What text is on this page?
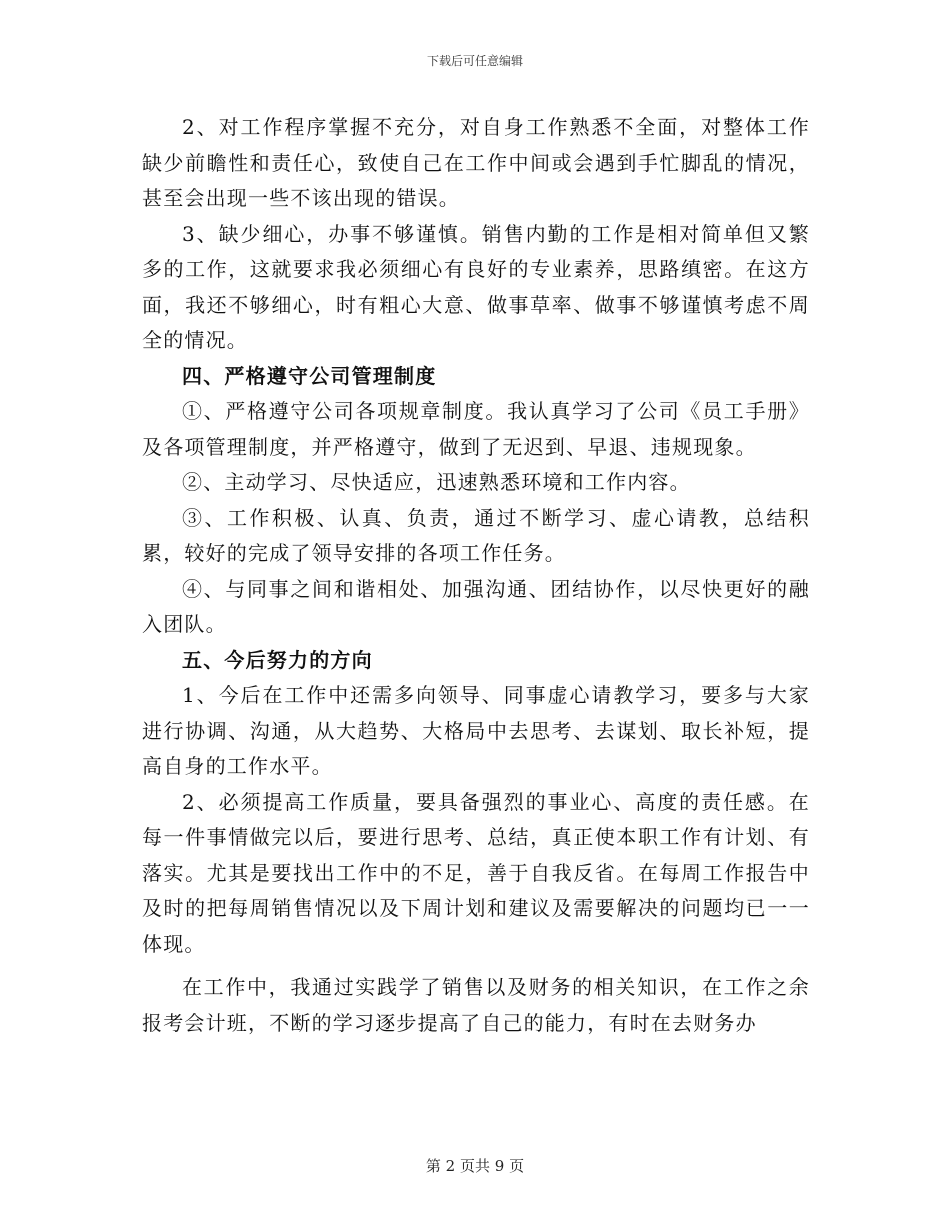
下载后可任意编辑

2、对工作程序掌握不充分，对自身工作熟悉不全面，对整体工作缺少前瞻性和责任心，致使自己在工作中间或会遇到手忙脚乱的情况，甚至会出现一些不该出现的错误。

3、缺少细心，办事不够谨慎。销售内勤的工作是相对简单但又繁多的工作，这就要求我必须细心有良好的专业素养，思路缜密。在这方面，我还不够细心，时有粗心大意、做事草率、做事不够谨慎考虑不周全的情况。

四、严格遵守公司管理制度

①、严格遵守公司各项规章制度。我认真学习了公司《员工手册》及各项管理制度，并严格遵守，做到了无迟到、早退、违规现象。

②、主动学习、尽快适应，迅速熟悉环境和工作内容。

③、工作积极、认真、负责，通过不断学习、虚心请教，总结积累，较好的完成了领导安排的各项工作任务。

④、与同事之间和谐相处、加强沟通、团结协作，以尽快更好的融入团队。

五、今后努力的方向

1、今后在工作中还需多向领导、同事虚心请教学习，要多与大家进行协调、沟通，从大趋势、大格局中去思考、去谋划、取长补短，提高自身的工作水平。

2、必须提高工作质量，要具备强烈的事业心、高度的责任感。在每一件事情做完以后，要进行思考、总结，真正使本职工作有计划、有落实。尤其是要找出工作中的不足，善于自我反省。在每周工作报告中及时的把每周销售情况以及下周计划和建议及需要解决的问题均已一一体现。

在工作中，我通过实践学了销售以及财务的相关知识，在工作之余报考会计班，不断的学习逐步提高了自己的能力，有时在去财务办

第 2 页共 9 页
